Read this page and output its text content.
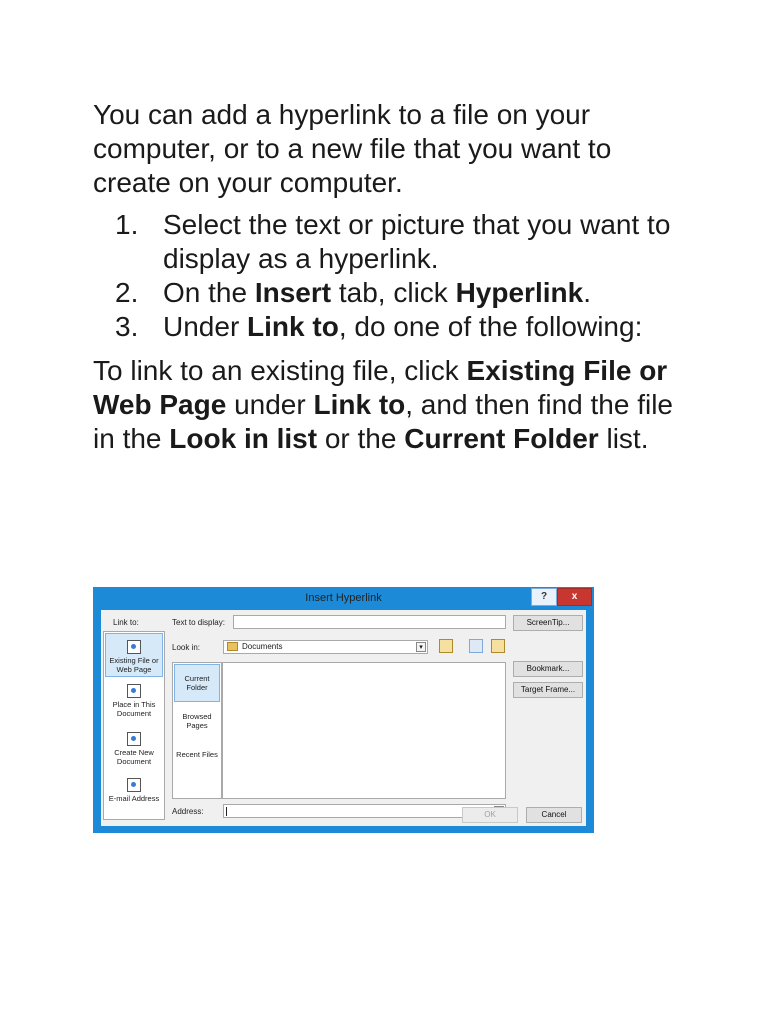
You can add a hyperlink to a file on your computer, or to a new file that you want to create on your computer.

1. Select the text or picture that you want to display as a hyperlink.
2. On the Insert tab, click Hyperlink.
3. Under Link to, do one of the following:

To link to an existing file, click Existing File or Web Page under Link to, and then find the file in the Look in list or the Current Folder list.

Insert Hyperlink	?	x
Link to:
Existing File or Web Page
Place in This Document
Create New Document
E-mail Address
Text to display:	ScreenTip...
Look in:	Documents	▾
Current Folder
Browsed Pages
Recent Files
Bookmark...
Target Frame...
Address:	OK	Cancel
